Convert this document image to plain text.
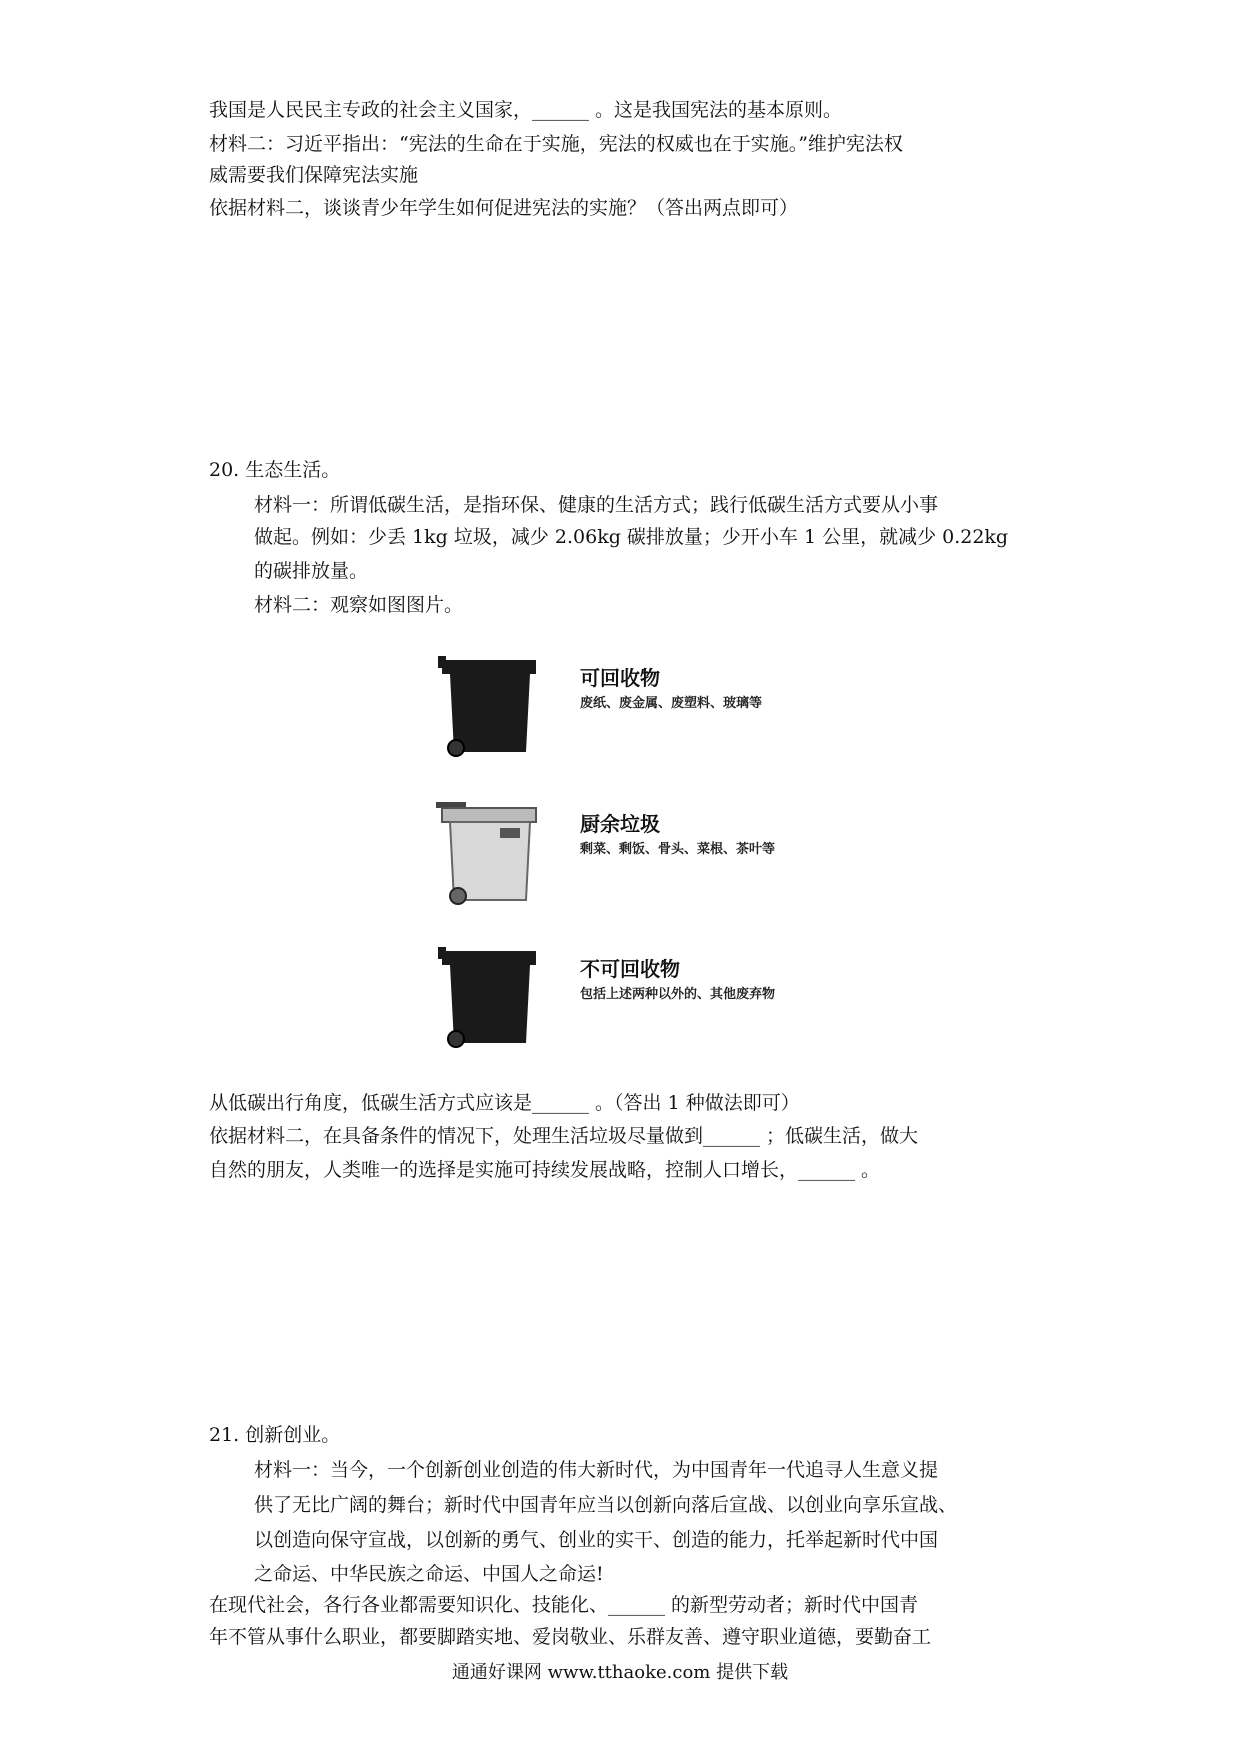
我国是人民民主专政的社会主义国家，______ 。这是我国宪法的基本原则。
材料二：习近平指出：“宪法的生命在于实施，宪法的权威也在于实施。”维护宪法权
威需要我们保障宪法实施
依据材料二，谈谈青少年学生如何促进宪法的实施？（答出两点即可）
20. 生态生活。
材料一：所谓低碳生活，是指环保、健康的生活方式；践行低碳生活方式要从小事
做起。例如：少丢 1kg 垃圾，减少 2.06kg 碳排放量；少开小车 1 公里，就减少 0.22kg
的碳排放量。
材料二：观察如图图片。
可回收物
废纸、废金属、废塑料、玻璃等
厨余垃圾
剩菜、剩饭、骨头、菜根、茶叶等
不可回收物
包括上述两种以外的、其他废弃物
从低碳出行角度，低碳生活方式应该是______ 。（答出 1 种做法即可）
依据材料二，在具备条件的情况下，处理生活垃圾尽量做到______ ；低碳生活，做大
自然的朋友，人类唯一的选择是实施可持续发展战略，控制人口增长，______ 。
21. 创新创业。
材料一：当今，一个创新创业创造的伟大新时代，为中国青年一代追寻人生意义提
供了无比广阔的舞台；新时代中国青年应当以创新向落后宣战、以创业向享乐宣战、
以创造向保守宣战，以创新的勇气、创业的实干、创造的能力，托举起新时代中国
之命运、中华民族之命运、中国人之命运!
在现代社会，各行各业都需要知识化、技能化、______ 的新型劳动者；新时代中国青
年不管从事什么职业，都要脚踏实地、爱岗敬业、乐群友善、遵守职业道德，要勤奋工
通通好课网 www.tthaoke.com 提供下载
